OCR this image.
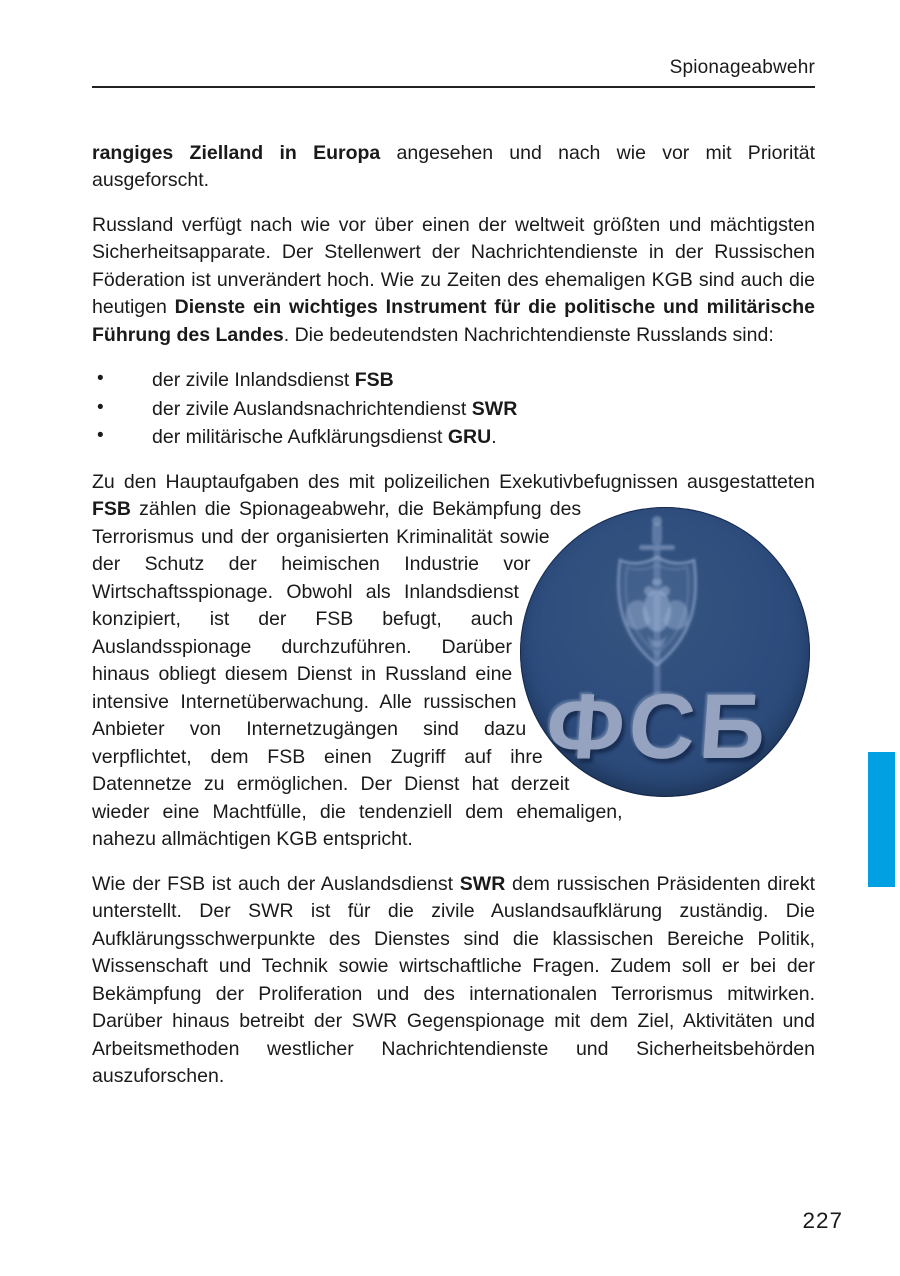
Spionageabwehr

rangiges Zielland in Europa angesehen und nach wie vor mit Priorität ausgeforscht.

Russland verfügt nach wie vor über einen der weltweit größten und mächtigsten Sicherheitsapparate. Der Stellenwert der Nachrichtendienste in der Russischen Föderation ist unverändert hoch. Wie zu Zeiten des ehemaligen KGB sind auch die heutigen Dienste ein wichtiges Instrument für die politische und militärische Führung des Landes. Die bedeutendsten Nachrichtendienste Russlands sind:

• der zivile Inlandsdienst FSB
• der zivile Auslandsnachrichtendienst SWR
• der militärische Aufklärungsdienst GRU.

ФСБ
Zu den Hauptaufgaben des mit polizeilichen Exekutivbefugnissen ausgestatteten FSB zählen die Spionageabwehr, die Bekämpfung des Terrorismus und der organisierten Kriminalität sowie der Schutz der heimischen Industrie vor Wirtschaftsspionage. Obwohl als Inlandsdienst konzipiert, ist der FSB befugt, auch Auslandsspionage durchzuführen. Darüber hinaus obliegt diesem Dienst in Russland eine intensive Internetüberwachung. Alle russischen Anbieter von Internetzugängen sind dazu verpflichtet, dem FSB einen Zugriff auf ihre Datennetze zu ermöglichen. Der Dienst hat derzeit wieder eine Machtfülle, die tendenziell dem ehemaligen, nahezu allmächtigen KGB entspricht.

Wie der FSB ist auch der Auslandsdienst SWR dem russischen Präsidenten direkt unterstellt. Der SWR ist für die zivile Auslandsaufklärung zuständig. Die Aufklärungsschwerpunkte des Dienstes sind die klassischen Bereiche Politik, Wissenschaft und Technik sowie wirtschaftliche Fragen. Zudem soll er bei der Bekämpfung der Proliferation und des internationalen Terrorismus mitwirken. Darüber hinaus betreibt der SWR Gegenspionage mit dem Ziel, Aktivitäten und Arbeitsmethoden westlicher Nachrichtendienste und Sicherheitsbehörden auszuforschen.

227
